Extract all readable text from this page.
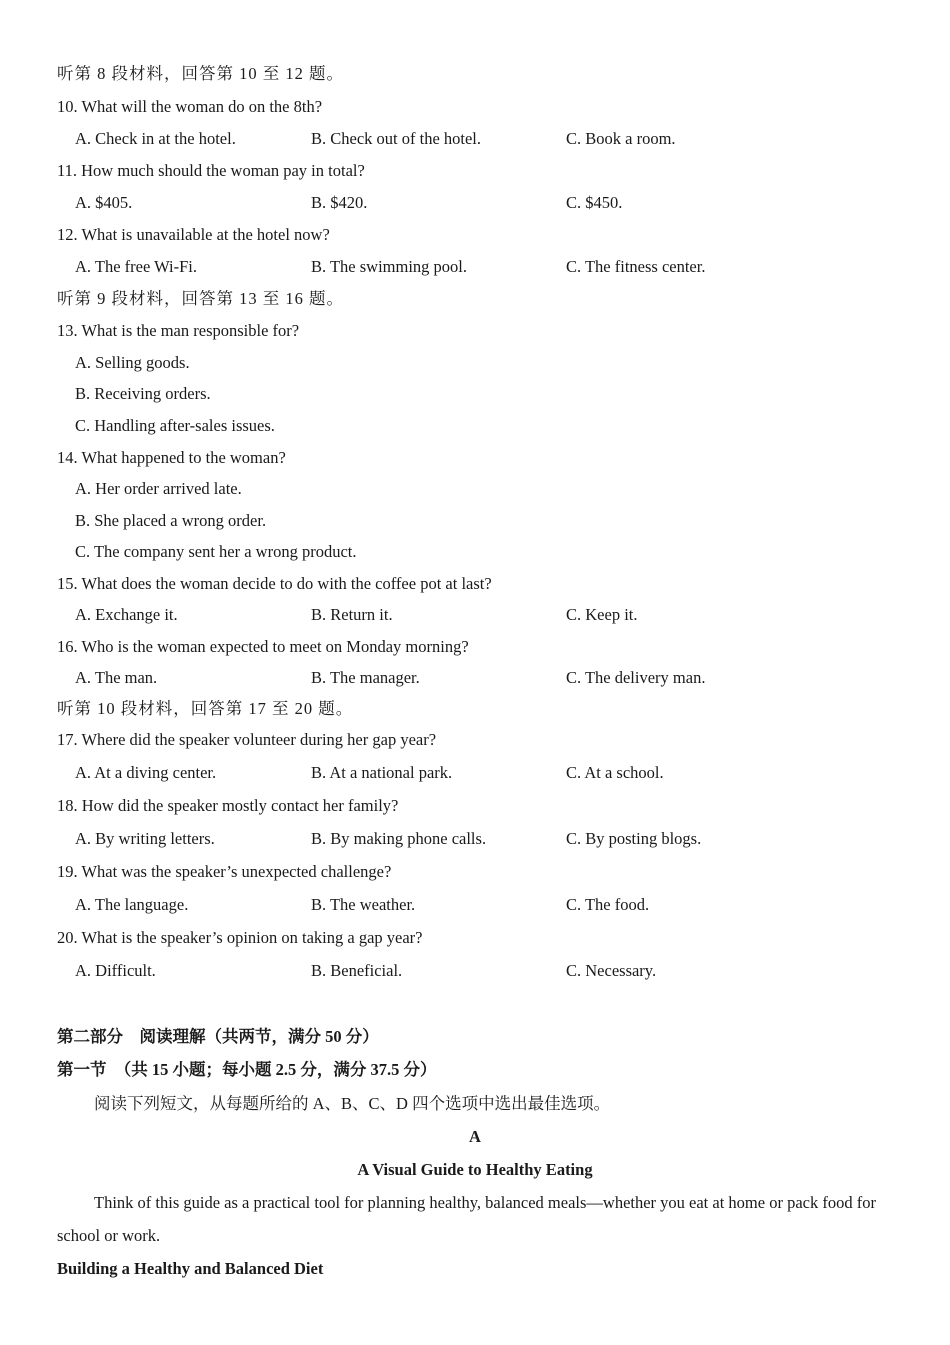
听第 8 段材料，回答第 10 至 12 题。
10. What will the woman do on the 8th?
A. Check in at the hotel.	B. Check out of the hotel.	C. Book a room.
11. How much should the woman pay in total?
A. $405.	B. $420.	C. $450.
12. What is unavailable at the hotel now?
A. The free Wi-Fi.	B. The swimming pool.	C. The fitness center.
听第 9 段材料，回答第 13 至 16 题。
13. What is the man responsible for?
A. Selling goods.
B. Receiving orders.
C. Handling after-sales issues.
14. What happened to the woman?
A. Her order arrived late.
B. She placed a wrong order.
C. The company sent her a wrong product.
15. What does the woman decide to do with the coffee pot at last?
A. Exchange it.	B. Return it.	C. Keep it.
16. Who is the woman expected to meet on Monday morning?
A. The man.	B. The manager.	C. The delivery man.
听第 10 段材料，回答第 17 至 20 题。
17. Where did the speaker volunteer during her gap year?
A. At a diving center.	B. At a national park.	C. At a school.
18. How did the speaker mostly contact her family?
A. By writing letters.	B. By making phone calls.	C. By posting blogs.
19. What was the speaker’s unexpected challenge?
A. The language.	B. The weather.	C. The food.
20. What is the speaker’s opinion on taking a gap year?
A. Difficult.	B. Beneficial.	C. Necessary.
第二部分　阅读理解（共两节，满分 50 分）
第一节　（共 15 小题；每小题 2.5 分，满分 37.5 分）
阅读下列短文，从每题所给的 A、B、C、D 四个选项中选出最佳选项。
A
A Visual Guide to Healthy Eating
Think of this guide as a practical tool for planning healthy, balanced meals—whether you eat at home or pack food for school or work.
Building a Healthy and Balanced Diet
